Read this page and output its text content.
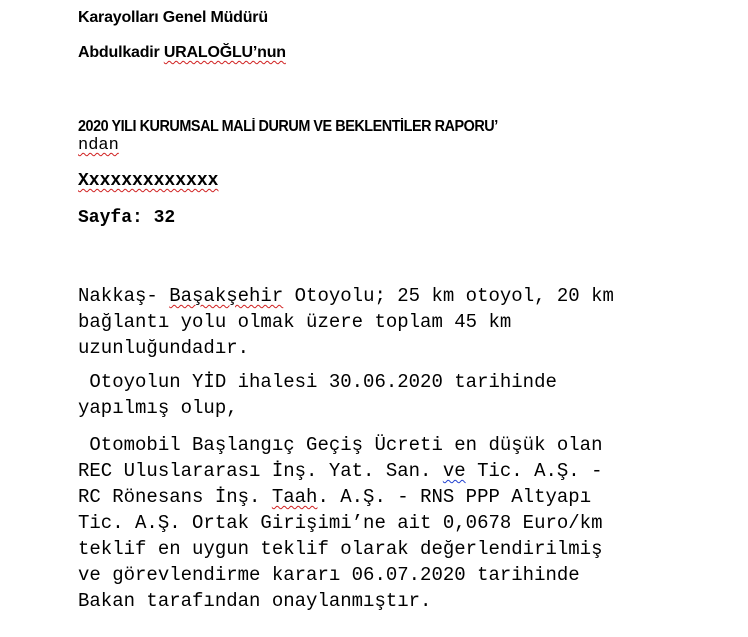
Karayolları Genel Müdürü
Abdulkadir URALOĞLU’nun
2020 YILI KURUMSAL MALİ DURUM VE BEKLENTİLER RAPORU’
ndan
Xxxxxxxxxxxxx
Sayfa: 32
Nakkaş- Başakşehir Otoyolu; 25 km otoyol, 20 km
bağlantı yolu olmak üzere toplam 45 km
uzunluğundadır.
Otoyolun YİD ihalesi 30.06.2020 tarihinde
yapılmış olup,
Otomobil Başlangıç Geçiş Ücreti en düşük olan
REC Uluslararası İnş. Yat. San. ve Tic. A.Ş. -
RC Rönesans İnş. Taah. A.Ş. - RNS PPP Altyapı
Tic. A.Ş. Ortak Girişimi’ne ait 0,0678 Euro/km
teklif en uygun teklif olarak değerlendirilmiş
ve görevlendirme kararı 06.07.2020 tarihinde
Bakan tarafından onaylanmıştır.
